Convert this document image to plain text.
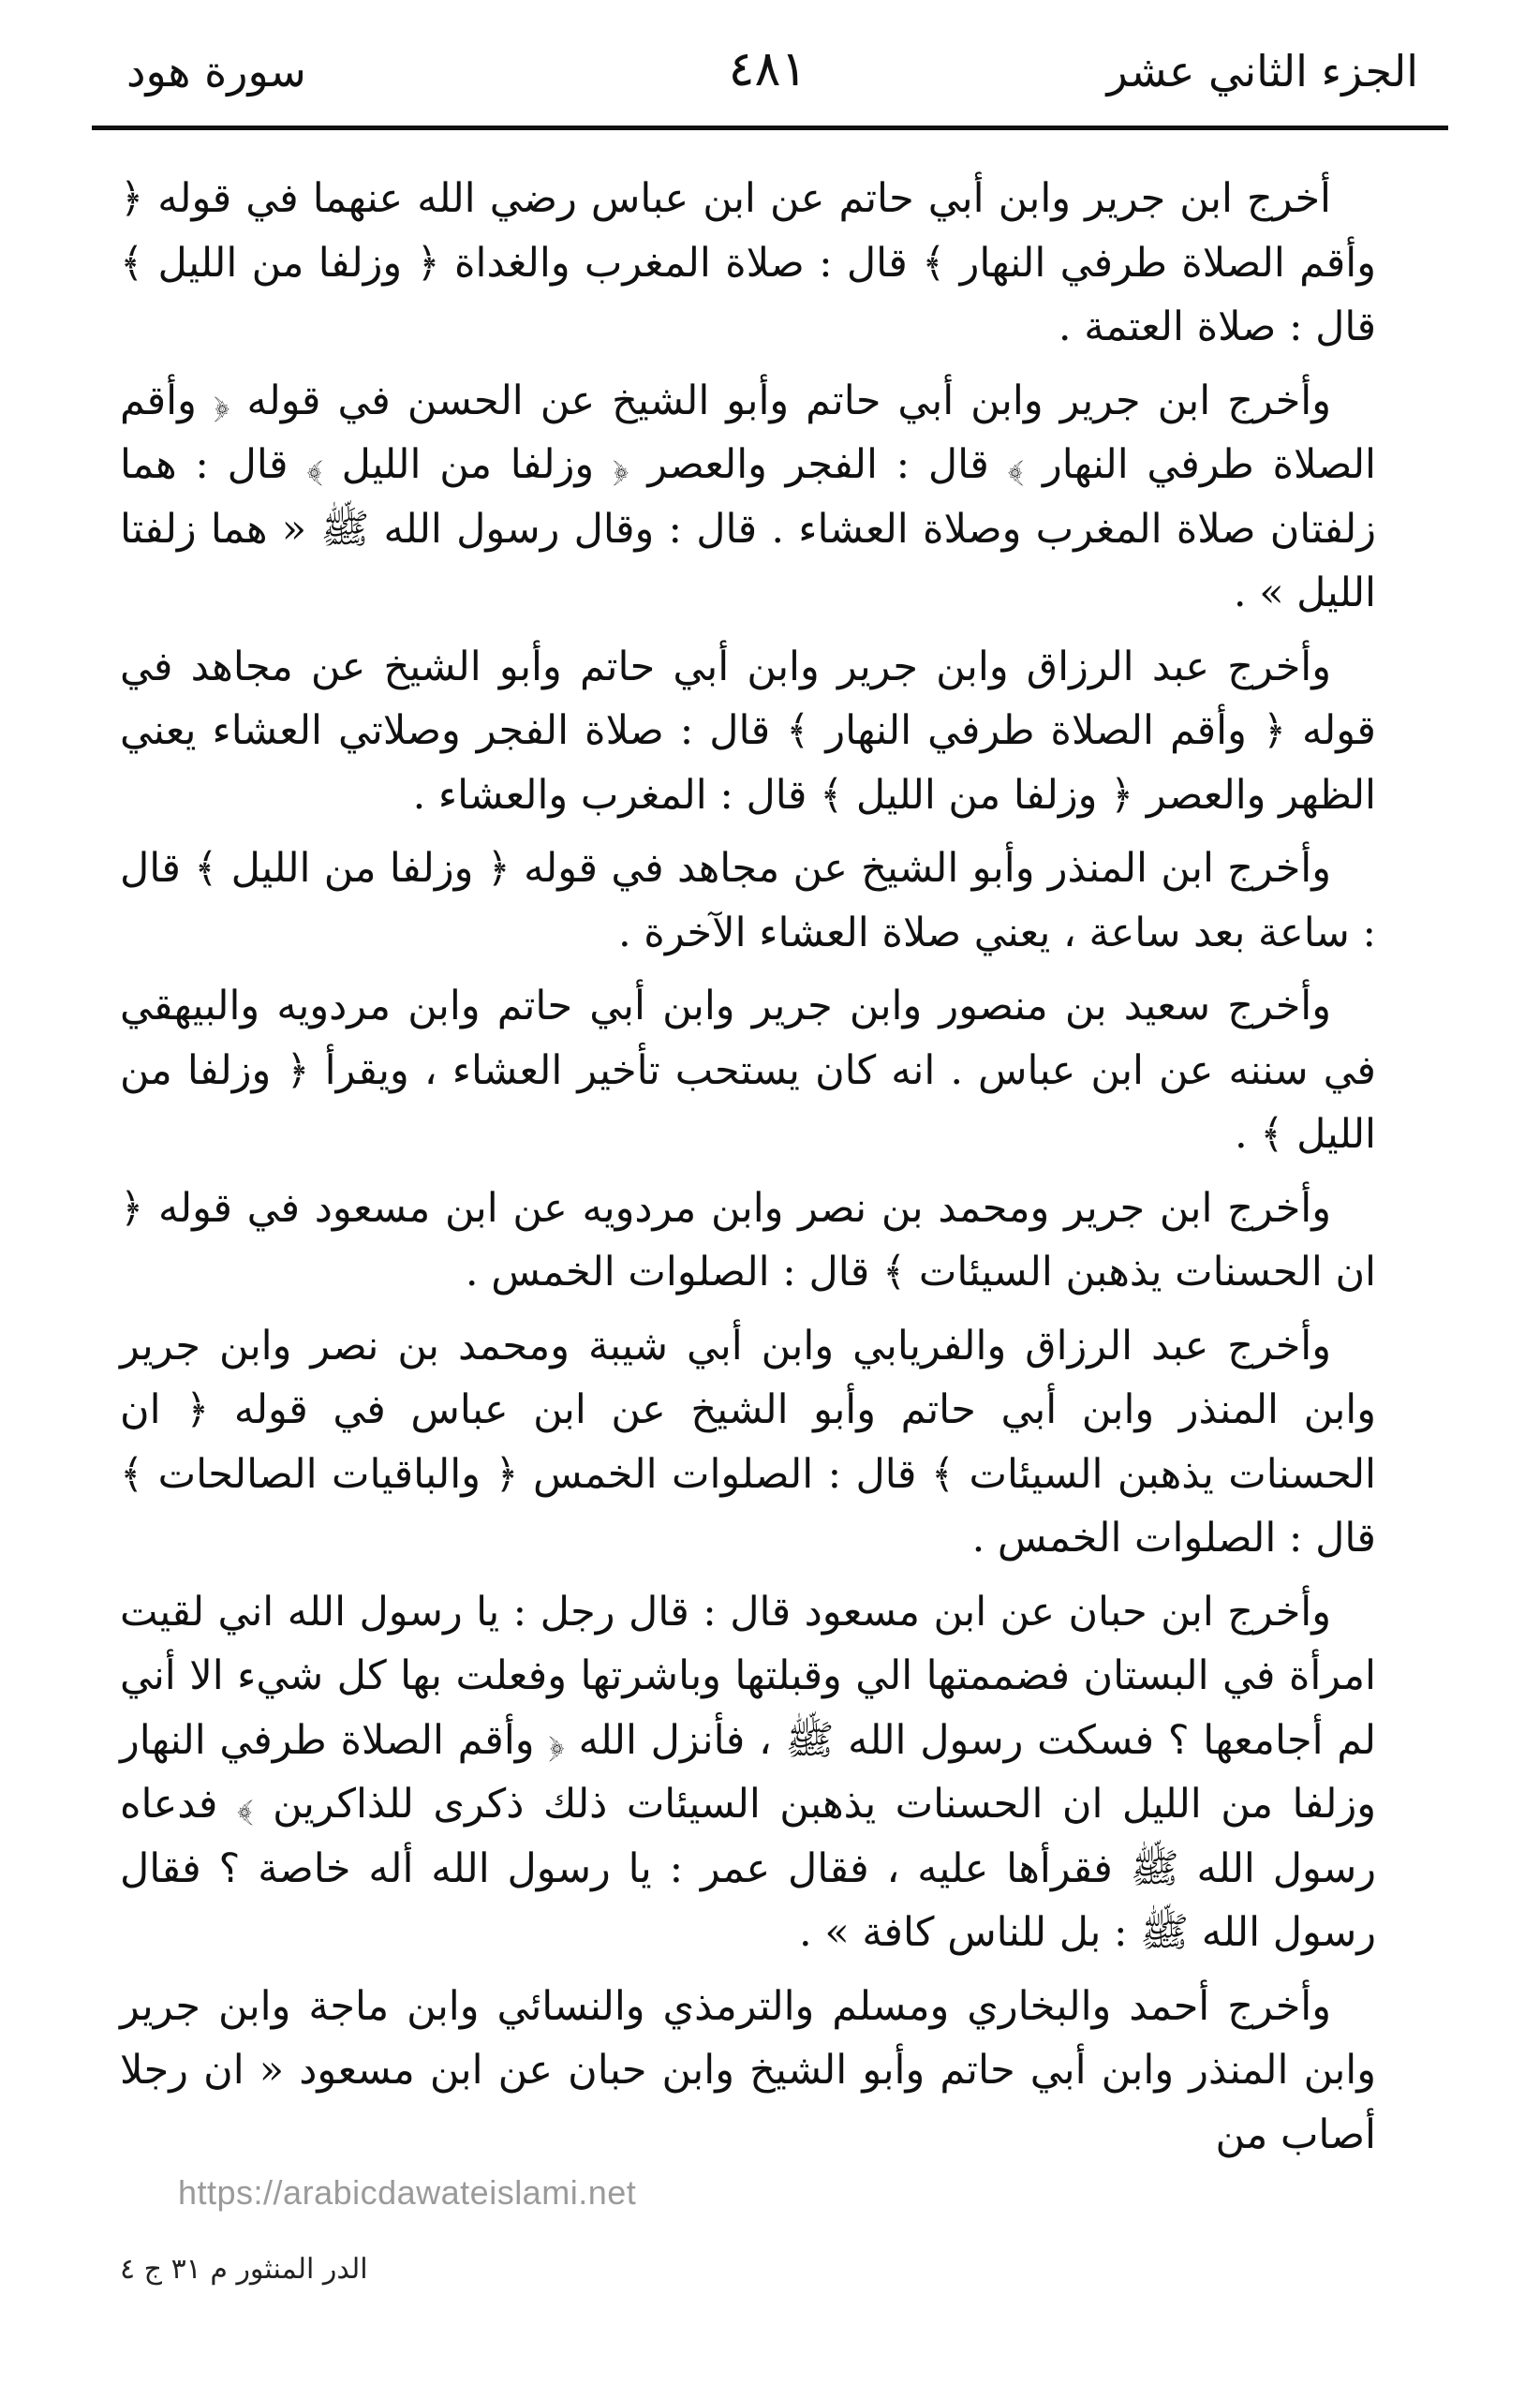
الجزء الثاني عشر
٤٨١
سورة هود

أخرج ابن جرير وابن أبي حاتم عن ابن عباس رضي الله عنهما في قوله ﴿ وأقم الصلاة طرفي النهار ﴾ قال : صلاة المغرب والغداة ﴿ وزلفا من الليل ﴾ قال : صلاة العتمة .

وأخرج ابن جرير وابن أبي حاتم وأبو الشيخ عن الحسن في قوله ﴿ وأقم الصلاة طرفي النهار ﴾ قال : الفجر والعصر ﴿ وزلفا من الليل ﴾ قال : هما زلفتان صلاة المغرب وصلاة العشاء . قال : وقال رسول الله ﷺ « هما زلفتا الليل » .

وأخرج عبد الرزاق وابن جرير وابن أبي حاتم وأبو الشيخ عن مجاهد في قوله ﴿ وأقم الصلاة طرفي النهار ﴾ قال : صلاة الفجر وصلاتي العشاء يعني الظهر والعصر ﴿ وزلفا من الليل ﴾ قال : المغرب والعشاء .

وأخرج ابن المنذر وأبو الشيخ عن مجاهد في قوله ﴿ وزلفا من الليل ﴾ قال : ساعة بعد ساعة ، يعني صلاة العشاء الآخرة .

وأخرج سعيد بن منصور وابن جرير وابن أبي حاتم وابن مردويه والبيهقي في سننه عن ابن عباس . انه كان يستحب تأخير العشاء ، ويقرأ ﴿ وزلفا من الليل ﴾ .

وأخرج ابن جرير ومحمد بن نصر وابن مردويه عن ابن مسعود في قوله ﴿ ان الحسنات يذهبن السيئات ﴾ قال : الصلوات الخمس .

وأخرج عبد الرزاق والفريابي وابن أبي شيبة ومحمد بن نصر وابن جرير وابن المنذر وابن أبي حاتم وأبو الشيخ عن ابن عباس في قوله ﴿ ان الحسنات يذهبن السيئات ﴾ قال : الصلوات الخمس ﴿ والباقيات الصالحات ﴾ قال : الصلوات الخمس .

وأخرج ابن حبان عن ابن مسعود قال : قال رجل : يا رسول الله اني لقيت امرأة في البستان فضممتها الي وقبلتها وباشرتها وفعلت بها كل شيء الا أني لم أجامعها ؟ فسكت رسول الله ﷺ ، فأنزل الله ﴿ وأقم الصلاة طرفي النهار وزلفا من الليل ان الحسنات يذهبن السيئات ذلك ذكرى للذاكرين ﴾ فدعاه رسول الله ﷺ فقرأها عليه ، فقال عمر : يا رسول الله أله خاصة ؟ فقال رسول الله ﷺ : بل للناس كافة » .

وأخرج أحمد والبخاري ومسلم والترمذي والنسائي وابن ماجة وابن جرير وابن المنذر وابن أبي حاتم وأبو الشيخ وابن حبان عن ابن مسعود « ان رجلا أصاب من

https://arabicdawateislami.net
الدر المنثور م ٣١ ج ٤
